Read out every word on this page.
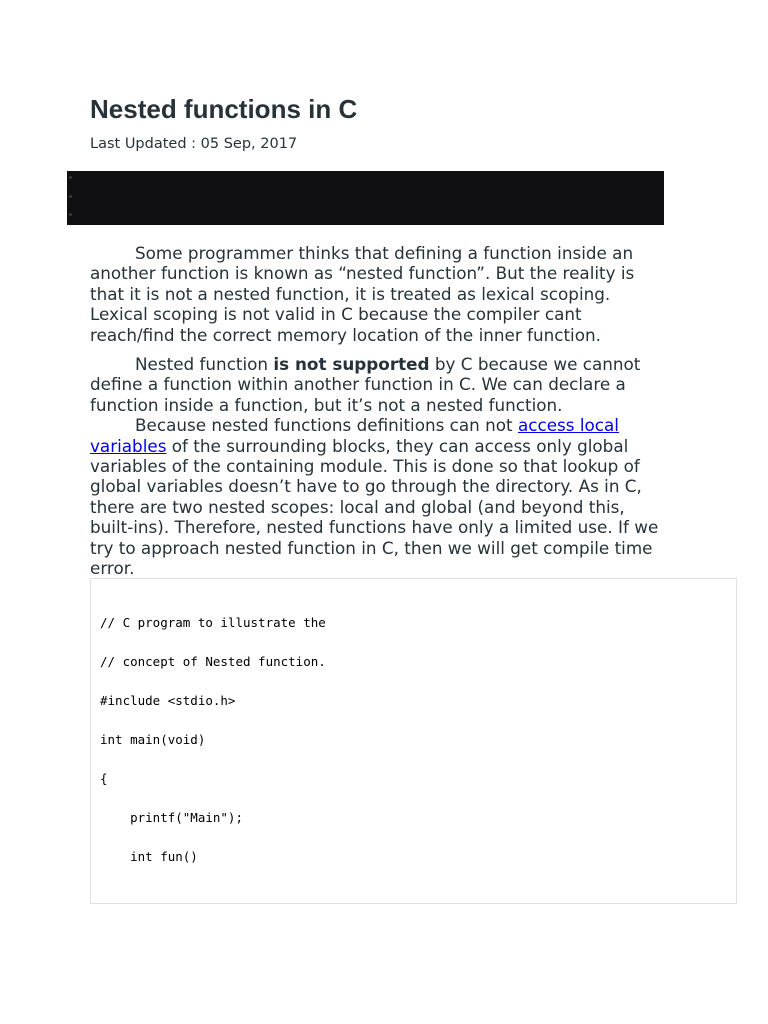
Nested functions in C
Last Updated : 05 Sep, 2017

Some programmer thinks that defining a function inside an another function is known as “nested function”. But the reality is that it is not a nested function, it is treated as lexical scoping. Lexical scoping is not valid in C because the compiler cant reach/find the correct memory location of the inner function.

Nested function is not supported by C because we cannot define a function within another function in C. We can declare a function inside a function, but it’s not a nested function.

Because nested functions definitions can not access local variables of the surrounding blocks, they can access only global variables of the containing module. This is done so that lookup of global variables doesn’t have to go through the directory. As in C, there are two nested scopes: local and global (and beyond this, built-ins). Therefore, nested functions have only a limited use. If we try to approach nested function in C, then we will get compile time error.

// C program to illustrate the
// concept of Nested function.
#include <stdio.h>
int main(void)
{
printf("Main");
int fun()
